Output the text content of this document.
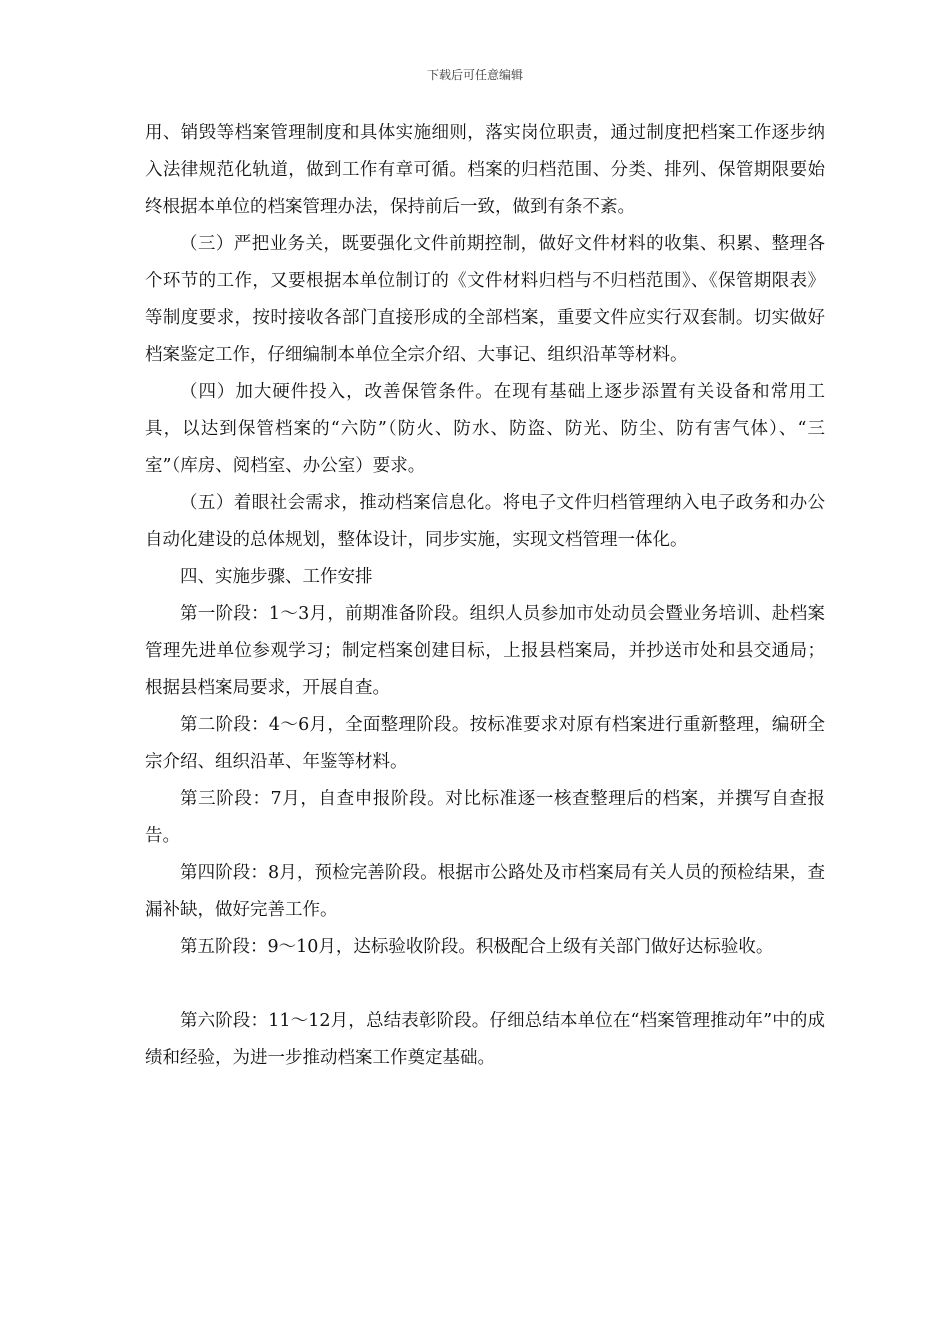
下载后可任意编辑

用、销毁等档案管理制度和具体实施细则，落实岗位职责，通过制度把档案工作逐步纳入法律规范化轨道，做到工作有章可循。档案的归档范围、分类、排列、保管期限要始终根据本单位的档案管理办法，保持前后一致，做到有条不紊。

（三）严把业务关，既要强化文件前期控制，做好文件材料的收集、积累、整理各个环节的工作，又要根据本单位制订的《文件材料归档与不归档范围》、《保管期限表》等制度要求，按时接收各部门直接形成的全部档案，重要文件应实行双套制。切实做好档案鉴定工作，仔细编制本单位全宗介绍、大事记、组织沿革等材料。

（四）加大硬件投入，改善保管条件。在现有基础上逐步添置有关设备和常用工具，以达到保管档案的“六防”（防火、防水、防盗、防光、防尘、防有害气体）、“三室”（库房、阅档室、办公室）要求。

（五）着眼社会需求，推动档案信息化。将电子文件归档管理纳入电子政务和办公自动化建设的总体规划，整体设计，同步实施，实现文档管理一体化。

四、实施步骤、工作安排

第一阶段：1～3月，前期准备阶段。组织人员参加市处动员会暨业务培训、赴档案管理先进单位参观学习；制定档案创建目标，上报县档案局，并抄送市处和县交通局；根据县档案局要求，开展自查。

第二阶段：4～6月，全面整理阶段。按标准要求对原有档案进行重新整理，编研全宗介绍、组织沿革、年鉴等材料。

第三阶段：7月，自查申报阶段。对比标准逐一核查整理后的档案，并撰写自查报告。

第四阶段：8月，预检完善阶段。根据市公路处及市档案局有关人员的预检结果，查漏补缺，做好完善工作。

第五阶段：9～10月，达标验收阶段。积极配合上级有关部门做好达标验收。

第六阶段：11～12月，总结表彰阶段。仔细总结本单位在“档案管理推动年”中的成绩和经验，为进一步推动档案工作奠定基础。
